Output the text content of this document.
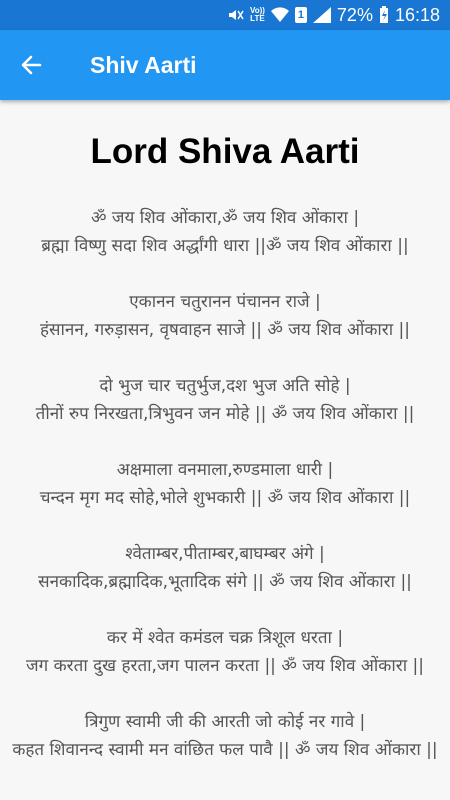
Vo))
LTE	1 72% 16:18
Shiv Aarti
Lord Shiva Aarti
ॐ जय शिव ओंकारा,ॐ जय शिव ओंकारा |
ब्रह्मा विष्णु सदा शिव अर्द्धांगी धारा ||ॐ जय शिव ओंकारा ||
एकानन चतुरानन पंचानन राजे |
हंसानन, गरुड़ासन, वृषवाहन साजे || ॐ जय शिव ओंकारा ||
दो भुज चार चतुर्भुज,दश भुज अति सोहे |
तीनों रुप निरखता,त्रिभुवन जन मोहे || ॐ जय शिव ओंकारा ||
अक्षमाला वनमाला,रुण्डमाला धारी |
चन्दन मृग मद सोहे,भोले शुभकारी || ॐ जय शिव ओंकारा ||
श्वेताम्बर,पीताम्बर,बाघम्बर अंगे |
सनकादिक,ब्रह्मादिक,भूतादिक संगे || ॐ जय शिव ओंकारा ||
कर में श्वेत कमंडल चक्र त्रिशूल धरता |
जग करता दुख हरता,जग पालन करता || ॐ जय शिव ओंकारा ||
त्रिगुण स्वामी जी की आरती जो कोई नर गावे |
कहत शिवानन्द स्वामी मन वांछित फल पावै || ॐ जय शिव ओंकारा ||
